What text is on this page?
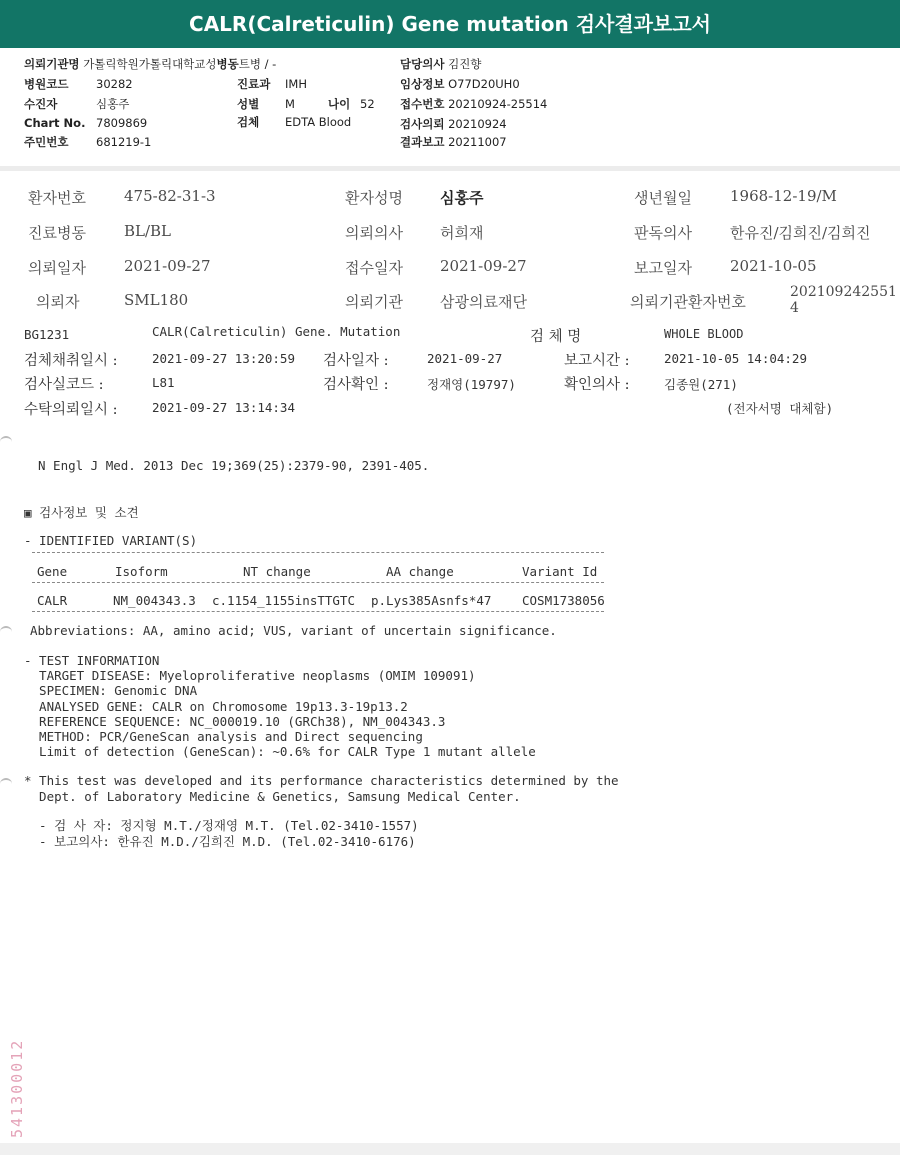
CALR(Calreticulin) Gene mutation 검사결과보고서
의뢰기관명 가톨릭학원가톨릭대학교성병동트병 / -	담당의사 김진향
병원코드 30282	진료과 IMH	임상정보 O77D20UH0
수진자	심홍주	성별 M	나이 52 접수번호 20210924-25514
Chart No. 7809869	검체 EDTA Blood	검사의뢰 20210924
주민번호 681219-1	결과보고 20211007
환자번호	475-82-31-3	환자성명 심홍주	생년월일	1968-12-19/M
진료병동	BL/BL	의뢰의사 허희재	판독의사	한유진/김희진/김희진
의뢰일자	2021-09-27	접수일자 2021-09-27	보고일자	2021-10-05
의뢰자	SML180	의뢰기관 삼광의료재단	의뢰기관환자번호
202109242551
4
BG1231	CALR(Calreticulin) Gene. Mutation	검 체 명	WHOLE BLOOD
검체채취일시 :	2021-09-27 13:20:59 검사일자 :	2021-09-27	보고시간 :	2021-10-05 14:04:29
검사실코드 :	L81	검사확인 :	정재영(19797)	확인의사 :	김종원(271)
수탁의뢰일시 :	2021-09-27 13:14:34	(전자서명 대체함)
N Engl J Med. 2013 Dec 19;369(25):2379-90, 2391-405.
▣ 검사정보 및 소견
- IDENTIFIED VARIANT(S)
Gene	Isoform	NT change	AA change	Variant Id
CALR	NM_004343.3 c.1154_1155insTTGTC p.Lys385Asnfs*47 COSM1738056
Abbreviations: AA, amino acid; VUS, variant of uncertain significance.
- TEST INFORMATION
TARGET DISEASE: Myeloproliferative neoplasms (OMIM 109091)
SPECIMEN: Genomic DNA
ANALYSED GENE: CALR on Chromosome 19p13.3-19p13.2
REFERENCE SEQUENCE: NC_000019.10 (GRCh38), NM_004343.3
METHOD: PCR/GeneScan analysis and Direct sequencing
Limit of detection (GeneScan): ~0.6% for CALR Type 1 mutant allele
* This test was developed and its performance characteristics determined by the
Dept. of Laboratory Medicine & Genetics, Samsung Medical Center.
- 검 사 자: 정지형 M.T./정재영 M.T. (Tel.02-3410-1557)
- 보고의사: 한유진 M.D./김희진 M.D. (Tel.02-3410-6176)
541300012
